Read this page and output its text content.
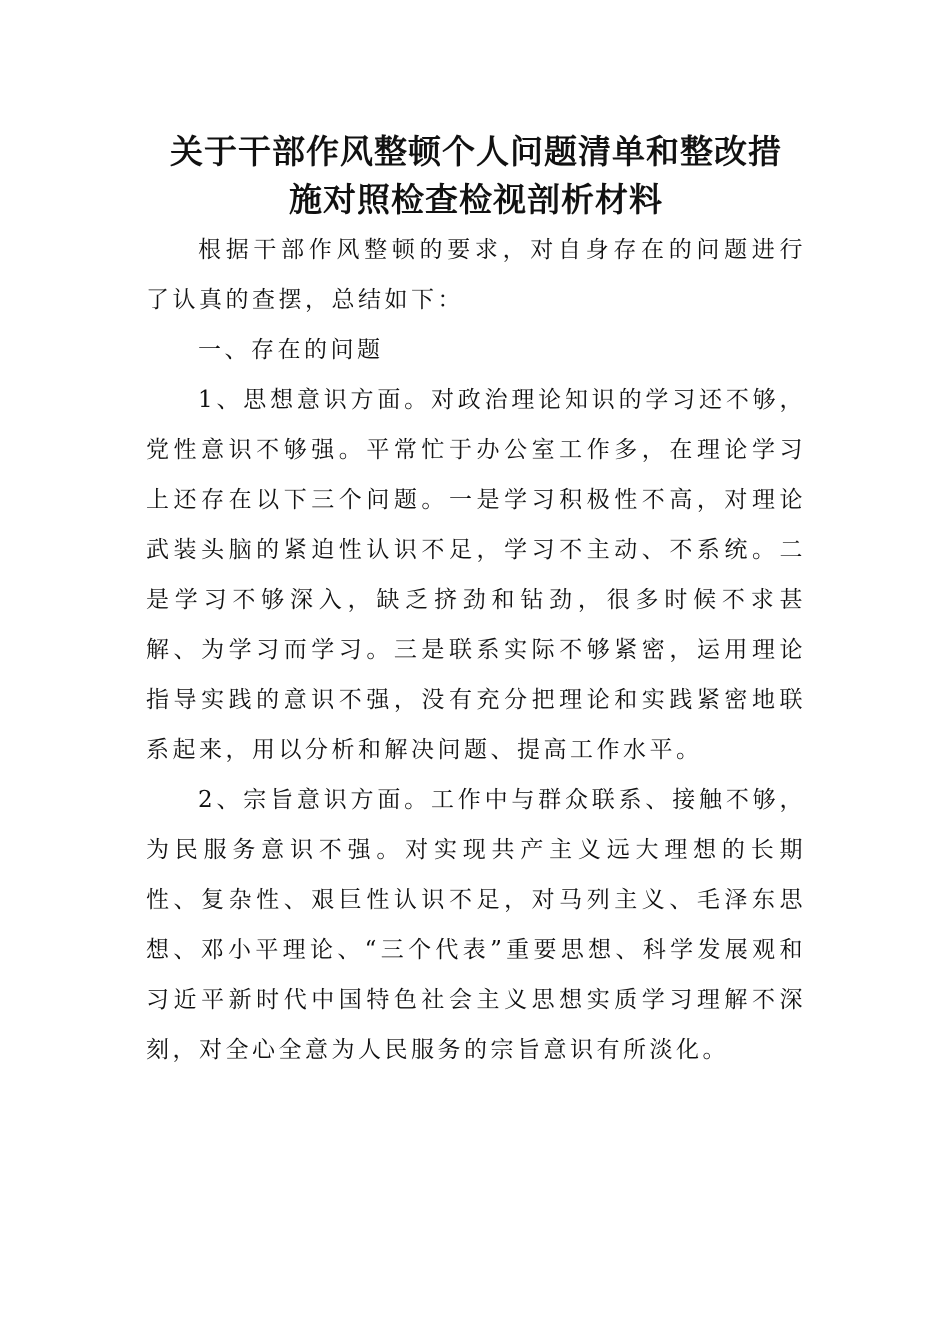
关于干部作风整顿个人问题清单和整改措
施对照检查检视剖析材料

根据干部作风整顿的要求，对自身存在的问题进行了认真的查摆，总结如下：

一、存在的问题

1、思想意识方面。对政治理论知识的学习还不够，党性意识不够强。平常忙于办公室工作多，在理论学习上还存在以下三个问题。一是学习积极性不高，对理论武装头脑的紧迫性认识不足，学习不主动、不系统。二是学习不够深入，缺乏挤劲和钻劲，很多时候不求甚解、为学习而学习。三是联系实际不够紧密，运用理论指导实践的意识不强，没有充分把理论和实践紧密地联系起来，用以分析和解决问题、提高工作水平。

2、宗旨意识方面。工作中与群众联系、接触不够，为民服务意识不强。对实现共产主义远大理想的长期性、复杂性、艰巨性认识不足，对马列主义、毛泽东思想、邓小平理论、“三个代表”重要思想、科学发展观和习近平新时代中国特色社会主义思想实质学习理解不深刻，对全心全意为人民服务的宗旨意识有所淡化。
